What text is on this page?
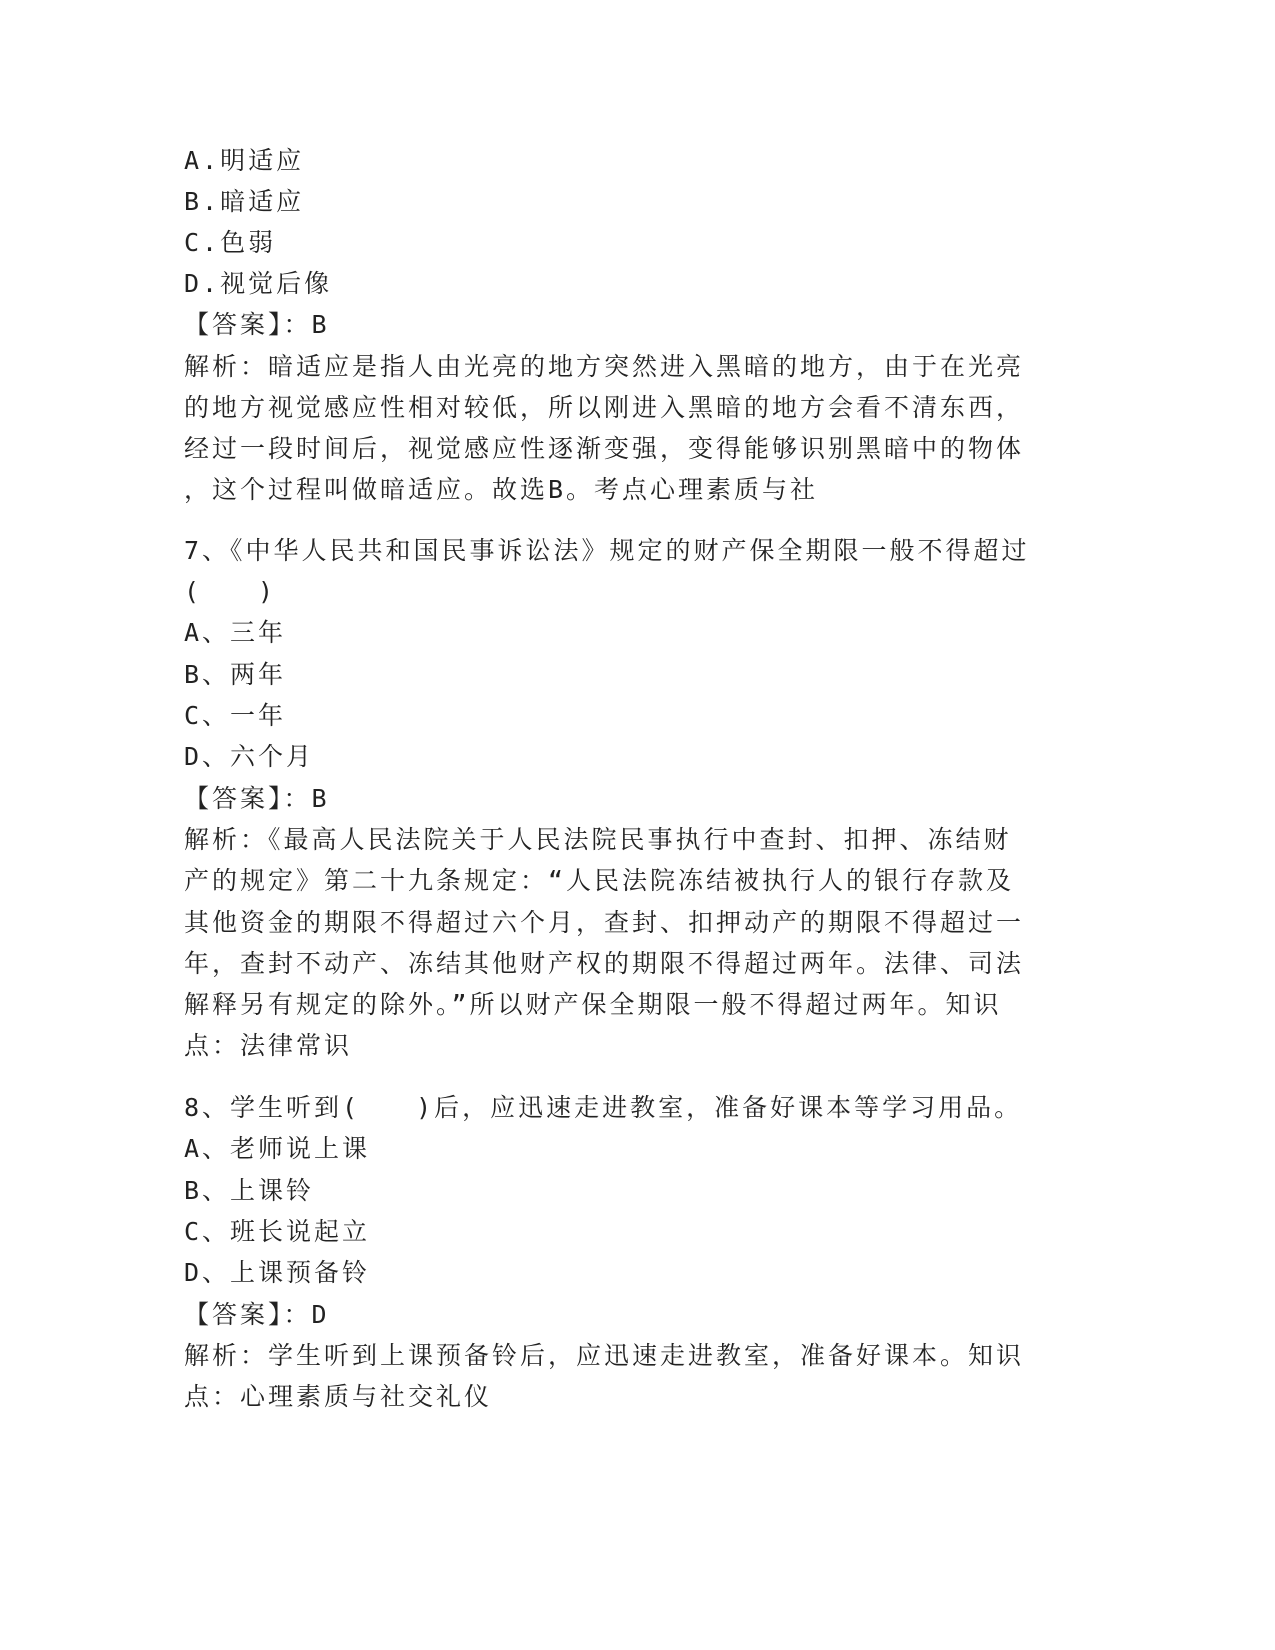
A.明适应
B.暗适应
C.色弱
D.视觉后像
【答案】：B
解析：暗适应是指人由光亮的地方突然进入黑暗的地方，由于在光亮
的地方视觉感应性相对较低，所以刚进入黑暗的地方会看不清东西，
经过一段时间后，视觉感应性逐渐变强，变得能够识别黑暗中的物体
，这个过程叫做暗适应。故选B。考点心理素质与社
7、《中华人民共和国民事诉讼法》规定的财产保全期限一般不得超过
(　　)
A、三年
B、两年
C、一年
D、六个月
【答案】：B
解析：《最高人民法院关于人民法院民事执行中查封、扣押、冻结财
产的规定》第二十九条规定：“人民法院冻结被执行人的银行存款及
其他资金的期限不得超过六个月，查封、扣押动产的期限不得超过一
年，查封不动产、冻结其他财产权的期限不得超过两年。法律、司法
解释另有规定的除外。”所以财产保全期限一般不得超过两年。知识
点：法律常识
8、学生听到(　　)后，应迅速走进教室，准备好课本等学习用品。
A、老师说上课
B、上课铃
C、班长说起立
D、上课预备铃
【答案】：D
解析：学生听到上课预备铃后，应迅速走进教室，准备好课本。知识
点：心理素质与社交礼仪
